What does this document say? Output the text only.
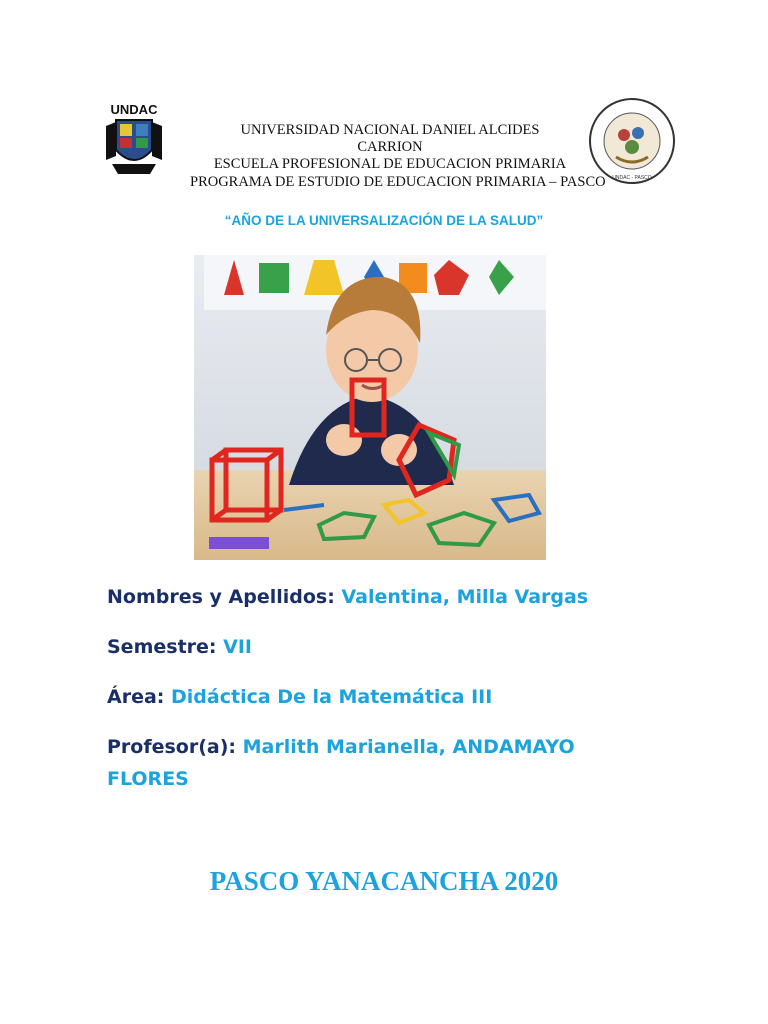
UNDAC
UNDAC - PASCO
UNIVERSIDAD NACIONAL DANIEL ALCIDES
CARRION
ESCUELA PROFESIONAL DE EDUCACION PRIMARIA
PROGRAMA DE ESTUDIO DE EDUCACION PRIMARIA – PASCO
“AÑO DE LA UNIVERSALIZACIÓN DE LA SALUD”
Nombres y Apellidos: Valentina, Milla Vargas
Semestre: VII
Área: Didáctica De la Matemática III
Profesor(a): Marlith Marianella, ANDAMAYO
FLORES
PASCO YANACANCHA 2020
